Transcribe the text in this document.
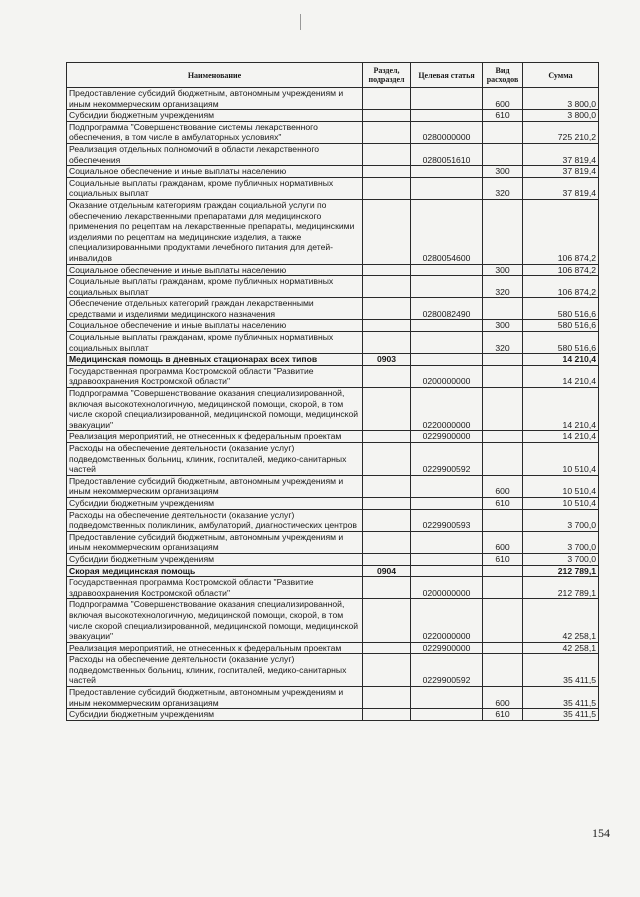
Наименование	Раздел, подраздел	Целевая статья	Вид расходов	Сумма
Предоставление субсидий бюджетным, автономным учреждениям и иным некоммерческим организациям			600	3 800,0
Субсидии бюджетным учреждениям			610	3 800,0
Подпрограмма "Совершенствование системы лекарственного обеспечения, в том числе в амбулаторных условиях"		0280000000		725 210,2
Реализация отдельных полномочий в области лекарственного обеспечения		0280051610		37 819,4
Социальное обеспечение и иные выплаты населению			300	37 819,4
Социальные выплаты гражданам, кроме публичных нормативных социальных выплат			320	37 819,4
Оказание отдельным категориям граждан социальной услуги по обеспечению лекарственными препаратами для медицинского применения по рецептам на лекарственные препараты, медицинскими изделиями по рецептам на медицинские изделия, а также специализированными продуктами лечебного питания для детей-инвалидов		0280054600		106 874,2
Социальное обеспечение и иные выплаты населению			300	106 874,2
Социальные выплаты гражданам, кроме публичных нормативных социальных выплат			320	106 874,2
Обеспечение отдельных категорий граждан лекарственными средствами и изделиями медицинского назначения		0280082490		580 516,6
Социальное обеспечение и иные выплаты населению			300	580 516,6
Социальные выплаты гражданам, кроме публичных нормативных социальных выплат			320	580 516,6
Медицинская помощь в дневных стационарах всех типов	0903			14 210,4
Государственная программа Костромской области "Развитие здравоохранения Костромской области"		0200000000		14 210,4
Подпрограмма "Совершенствование оказания специализированной, включая высокотехнологичную, медицинской помощи, скорой, в том числе скорой специализированной, медицинской помощи, медицинской эвакуации"		0220000000		14 210,4
Реализация мероприятий, не отнесенных к федеральным проектам		0229900000		14 210,4
Расходы на обеспечение деятельности (оказание услуг) подведомственных больниц, клиник, госпиталей, медико-санитарных частей		0229900592		10 510,4
Предоставление субсидий бюджетным, автономным учреждениям и иным некоммерческим организациям			600	10 510,4
Субсидии бюджетным учреждениям			610	10 510,4
Расходы на обеспечение деятельности (оказание услуг) подведомственных поликлиник, амбулаторий, диагностических центров		0229900593		3 700,0
Предоставление субсидий бюджетным, автономным учреждениям и иным некоммерческим организациям			600	3 700,0
Субсидии бюджетным учреждениям			610	3 700,0
Скорая медицинская помощь	0904			212 789,1
Государственная программа Костромской области "Развитие здравоохранения Костромской области"		0200000000		212 789,1
Подпрограмма "Совершенствование оказания специализированной, включая высокотехнологичную, медицинской помощи, скорой, в том числе скорой специализированной, медицинской помощи, медицинской эвакуации"		0220000000		42 258,1
Реализация мероприятий, не отнесенных к федеральным проектам		0229900000		42 258,1
Расходы на обеспечение деятельности (оказание услуг) подведомственных больниц, клиник, госпиталей, медико-санитарных частей		0229900592		35 411,5
Предоставление субсидий бюджетным, автономным учреждениям и иным некоммерческим организациям			600	35 411,5
Субсидии бюджетным учреждениям			610	35 411,5
154
